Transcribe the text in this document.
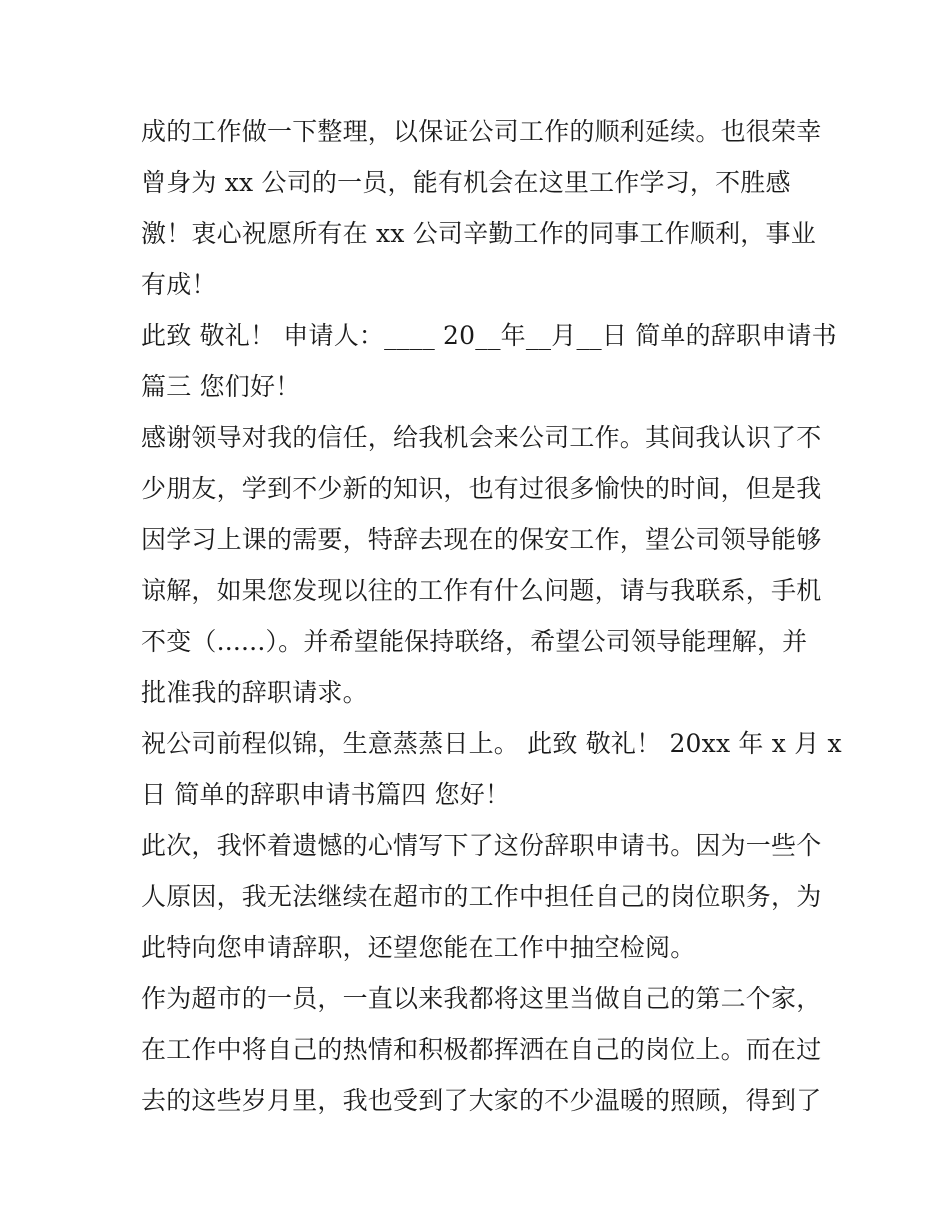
成的工作做一下整理，以保证公司工作的顺利延续。也很荣幸
曾身为 xx 公司的一员，能有机会在这里工作学习，不胜感
激！衷心祝愿所有在 xx 公司辛勤工作的同事工作顺利，事业
有成！
此致 敬礼！ 申请人：____ 20__年__月__日 简单的辞职申请书
篇三 您们好！
感谢领导对我的信任，给我机会来公司工作。其间我认识了不
少朋友，学到不少新的知识，也有过很多愉快的时间，但是我
因学习上课的需要，特辞去现在的保安工作，望公司领导能够
谅解，如果您发现以往的工作有什么问题，请与我联系，手机
不变（......）。并希望能保持联络，希望公司领导能理解，并
批准我的辞职请求。
祝公司前程似锦，生意蒸蒸日上。 此致 敬礼！ 20xx 年 x 月 x
日 简单的辞职申请书篇四 您好！
此次，我怀着遗憾的心情写下了这份辞职申请书。因为一些个
人原因，我无法继续在超市的工作中担任自己的岗位职务，为
此特向您申请辞职，还望您能在工作中抽空检阅。
作为超市的一员，一直以来我都将这里当做自己的第二个家，
在工作中将自己的热情和积极都挥洒在自己的岗位上。而在过
去的这些岁月里，我也受到了大家的不少温暖的照顾，得到了
